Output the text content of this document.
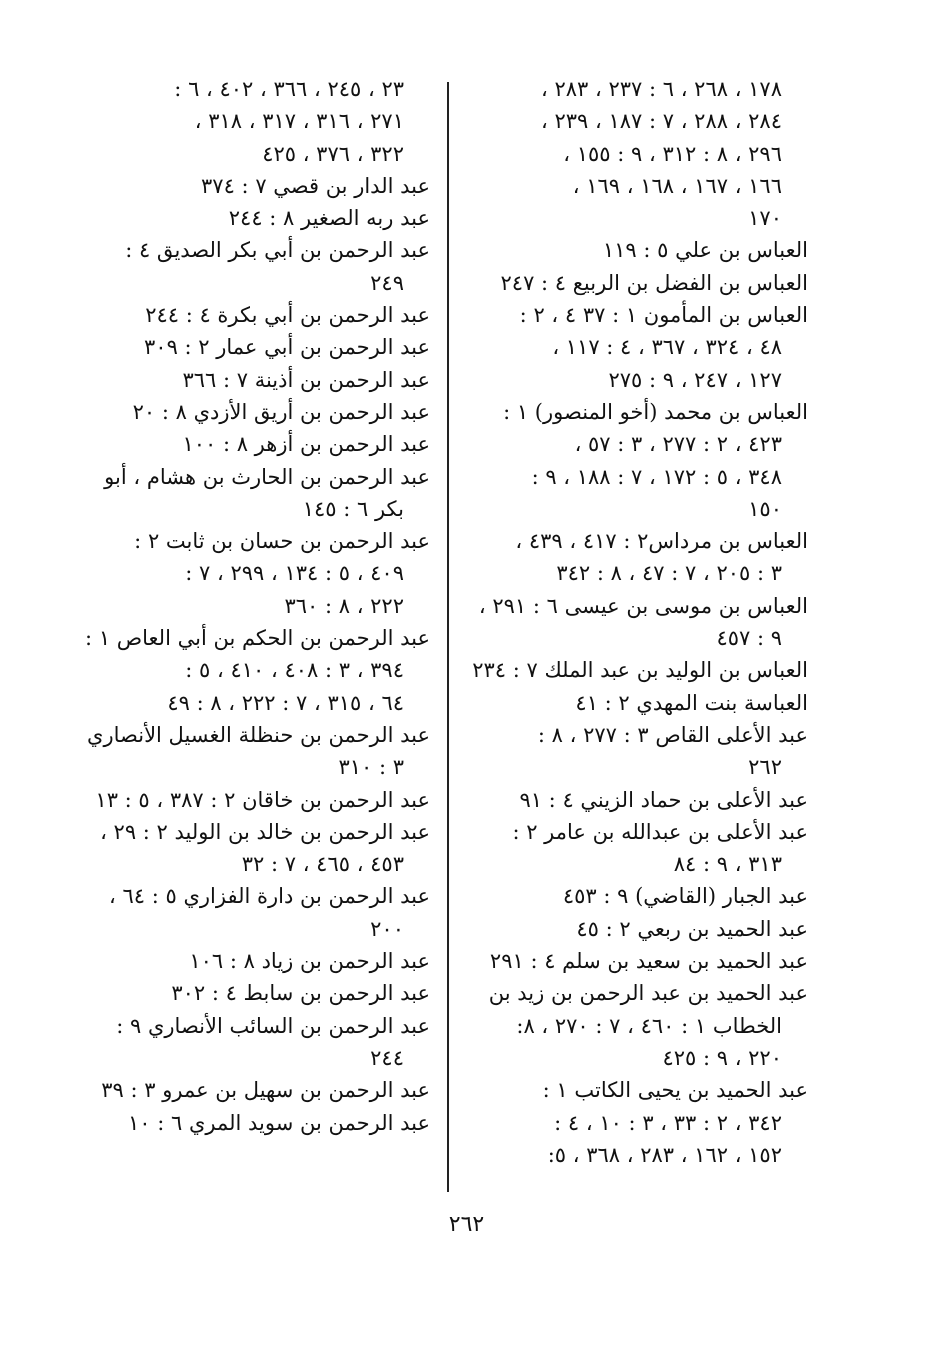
١٧٨ ، ٢٦٨ ، ٦ : ٢٣٧ ، ٢٨٣ ،
٢٨٤ ، ٢٨٨ ، ٧ : ١٨٧ ، ٢٣٩ ،
٢٩٦ ، ٨ : ٣١٢ ، ٩ : ١٥٥ ،
١٦٦ ، ١٦٧ ، ١٦٨ ، ١٦٩ ،
١٧٠
العباس بن علي ٥ : ١١٩
العباس بن الفضل بن الربيع ٤ : ٢٤٧
العباس بن المأمون ١ : ٣٧ ٤ ، ٢ :
٤٨ ، ٣٢٤ ، ٣٦٧ ، ٤ : ١١٧ ،
١٢٧ ، ٢٤٧ ، ٩ : ٢٧٥
العباس بن محمد (أخو المنصور) ١ :
٤٢٣ ، ٢ : ٢٧٧ ، ٣ : ٥٧ ،
٣٤٨ ، ٥ : ١٧٢ ، ٧ : ١٨٨ ، ٩ :
١٥٠
العباس بن مرداس٢ : ٤١٧ ، ٤٣٩ ،
٣ : ٢٠٥ ، ٧ : ٤٧ ، ٨ : ٣٤٢
العباس بن موسى بن عيسى ٦ : ٢٩١ ،
٩ : ٤٥٧
العباس بن الوليد بن عبد الملك ٧ : ٢٣٤
العباسة بنت المهدي ٢ : ٤١
عبد الأعلى القاص ٣ : ٢٧٧ ، ٨ :
٢٦٢
عبد الأعلى بن حماد الزيني ٤ : ٩١
عبد الأعلى بن عبدالله بن عامر ٢ :
٣١٣ ، ٩ : ٨٤
عبد الجبار (القاضي) ٩ : ٤٥٣
عبد الحميد بن ربعي ٢ : ٤٥
عبد الحميد بن سعيد بن سلم ٤ : ٢٩١
عبد الحميد بن عبد الرحمن بن زيد بن
الخطاب ١ : ٤٦٠ ، ٧ : ٢٧٠ ، ٨:
٢٢٠ ، ٩ : ٤٢٥
عبد الحميد بن يحيى الكاتب ١ :
٣٤٢ ، ٢ : ٣٣ ، ٣ : ١٠ ، ٤ :
١٥٢ ، ١٦٢ ، ٢٨٣ ، ٣٦٨ ، ٥:
٢٣ ، ٢٤٥ ، ٣٦٦ ، ٤٠٢ ، ٦ :
٢٧١ ، ٣١٦ ، ٣١٧ ، ٣١٨ ،
٣٢٢ ، ٣٧٦ ، ٤٢٥
عبد الدار بن قصي ٧ : ٣٧٤
عبد ربه الصغير ٨ : ٢٤٤
عبد الرحمن بن أبي بكر الصديق ٤ :
٢٤٩
عبد الرحمن بن أبي بكرة ٤ : ٢٤٤
عبد الرحمن بن أبي عمار ٢ : ٣٠٩
عبد الرحمن بن أذينة ٧ : ٣٦٦
عبد الرحمن بن أريق الأزدي ٨ : ٢٠
عبد الرحمن بن أزهر ٨ : ١٠٠
عبد الرحمن بن الحارث بن هشام ، أبو
بكر ٦ : ١٤٥
عبد الرحمن بن حسان بن ثابت ٢ :
٤٠٩ ، ٥ : ١٣٤ ، ٢٩٩ ، ٧ :
٢٢٢ ، ٨ : ٣٦٠
عبد الرحمن بن الحكم بن أبي العاص ١ :
٣٩٤ ، ٣ : ٤٠٨ ، ٤١٠ ، ٥ :
٦٤ ، ٣١٥ ، ٧ : ٢٢٢ ، ٨ : ٤٩
عبد الرحمن بن حنظلة الغسيل الأنصاري
٣ : ٣١٠
عبد الرحمن بن خاقان ٢ : ٣٨٧ ، ٥ : ١٣
عبد الرحمن بن خالد بن الوليد ٢ : ٢٩ ،
٤٥٣ ، ٤٦٥ ، ٧ : ٣٢
عبد الرحمن بن دارة الفزاري ٥ : ٦٤ ،
٢٠٠
عبد الرحمن بن زياد ٨ : ١٠٦
عبد الرحمن بن سابط ٤ : ٣٠٢
عبد الرحمن بن السائب الأنصاري ٩ :
٢٤٤
عبد الرحمن بن سهيل بن عمرو ٣ : ٣٩
عبد الرحمن بن سويد المري ٦ : ١٠
٢٦٢
